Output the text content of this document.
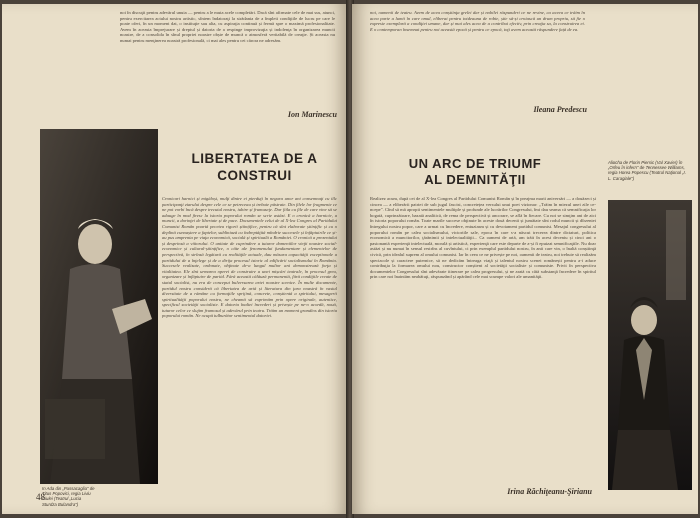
noi în discuţii pentru adevărul unuia — pentru a le muta acele completări. Dacă sînt afirmate cele de mai sus, atunci, pentru exercitarea actului nostru artistic, sîntem îndatoraţi la strădania de a împleti condiţiile de lucru pe care le poate oferi, în un moment dat, o instituţie sau alta, cu aspiraţia continuă și fermă spre o maximă profesionalitate. Avem în aceasta împrejurare și dreptul și datoria de a respinge improvizaţia și indolenţa în organizarea muncii noastre, de a consolida în sînul propriei noastre obște de muncă o atmosferă veritabilă de creaţie. Și aceasta nu numai pentru menţinerea noastră profesională, ci mai ales pentru cei cărora ne adresăm.
Ion Marinescu
LIBERTATEA DE A CONSTRUI
Cronicari harnici și migăloși, mulţi dintre ei pierduţi în negura unor ani consemnaţi cu tîlc participanţi ziarului despre cele ce se petreceau și trebuie păstrate. Din filele lor fragmente ce ne pot vorbi încă despre trecutul nostru, iubire și frumuseţe. Dar fiila cu file de care vine să se adauge în mod firesc la istoria poporului român se scrie astăzi. E o cronică a harnicie, a muncii, a dorinţei de libertate și de pace. Documentele celui de al X-lea Congres al Partidului Comunist Român poartă pecetea rigorii științifice, pentru că sînt elaborate științific și cu o deplină cunoaștere a faptelor, subliniază cu îndreptăţită mîndrie succesele și înfăptuirile ce și-au pus amprenta pe viaţa economică, socială și spirituală a României. O cronică a prezentului și desprinsă a viitorului. O unitate de cuprindere a tuturor domeniilor vieţii noastre social-economice și cultural-științifice, o câte ale fenomenului fundamentare și elementelor de perspectivă, în strînsă legătură cu realităţile actuale, dau măsura capacităţii exceptionale a partidului de a înţelege și de a dirija procesul istoric al edificării socialismului în România. Succesele realizate, ordonate, obţinute de-a lungul multor ani demonstrează forţa și vitalitatea. Ele sînt urmarea operei de construire a unei mișcări teatrale, în procesul greu, organizare și înfăptuire de partid. Fără această călăuză permanentă, fără condiţiile create de statul socialist, nu era de conceput bulversarea artei noastre scenice. În multe documente, partidul nostru consideră că libertatea de artă și literatura din ţara noastră în vastul diversitate de a rămâne cu formaţiile sprijină, concrete, conștientă a spiritului, mesagerii spiritualităţii poporului nostru, ne cheamă să exprimăm prin opere originale, autentice, specificul societăţii socialiste. E datoria înaltei încrederi și privește pe ne-o acordă, nouă, tuturor celor ce slujim frumosul și adevărul prin teatru. Trăim un moment grandios din istoria poporului român. Ne ocupă tulburător sentimentul datoriei.
In Ada din „Passacaglia" de Titus Popovici, regia Liviu Ciulei (Teatrul „Lucia Sturdza Bulandra")
48
noi, oamenii de teatru. Avem de acea conștiinţa grelei dar și nobilei răspunderi ce ne revine, ca aceea ce trăim în acea parte a lumii în care omul, eliberat pentru totdeauna de robie, știe să-și croiască un drum propriu, să fie o expresie exemplară a condiţiei umane, dar și mai ales acea de a contribui efectiv, prin creaţia sa, la construirea ei. E o contemporan însemnat pentru noi această epocă și pentru ce epocă, toţi avem această răspundere față de ea.
Ileana Predescu
UN ARC DE TRIUMF
AL DEMNITĂŢII
Aliocha de Florin Piersic (Val Xavier) în „Orfeu în infern" de Tennessee Williams, regia Horea Popescu (Teatrul Naţional „I. L. Caragiale")
Realizez acum, după cei de al X-lea Congres al Partidului Comunist Român și în preajma marii aniversări — a douăzeci și cincea — a eliberării patriei de sub jugul fascist, concretețea versului unui poet vizionar: „Trăim în miezul unei zile ce-ncepe". Cînd să mă apropii sentimentele multiple și profunde ale lucrărilor Congresului, îmi dau seama că semnificaţia lor bogată, cuprinzătoare, bazată analitică, de rema de perspectivă și ancorare, se află în fiecare. Cu noi se simţim ani de aici în istoria poporului român. Toate marile succese obţinute în aceste două decenii și jumătate sînt rodul muncii și dîrzeniei întregului nostru popor, care a urmat cu încredere, entuziasm și cu devotament partidul comunist. Mesajul congresului al poporului român pe calea socialismului, victoriile sale, epoca în care s-a născut trecerea dintre dictaturi, politica economică a muncitorilor, ţărănimii și intelectualităţii... Ca oameni de artă, am trăit în acest deceniu și cinci ani o pasionantă experienţă intelectuală, morală și artistică, experienţă care este departe de a-și fi epuizat semnificaţiile. Nu doar astăzi și nu numai în sensul restrîns al cuvîntului, ci prin exemplul partidului nostru, în anii care vin, o înaltă conștiinţă civică, prin idealul suprem al omului comunist. Iar în ceea ce ne privește pe noi, oamenii de teatru, noi trebuie să realizăm spectacole și caractere puternice, să ne dedicăm întreaga viaţă și talentul nostru scenei românești pentru a-i aduce contribuţia la formarea omului nou, constructor conștient al societăţii socialiste și comuniste. Privit în perspectiva documentelor Congresului sînt adevărate itinerare pe calea progresului, și ne arată cu câtă substanţă încredere în spiritul prin care noi înaintăm neabătuţi, răspunzând și apărând cele mai scumpe valori ale umanităţii.
Irina Răchiţeanu-Şirianu
